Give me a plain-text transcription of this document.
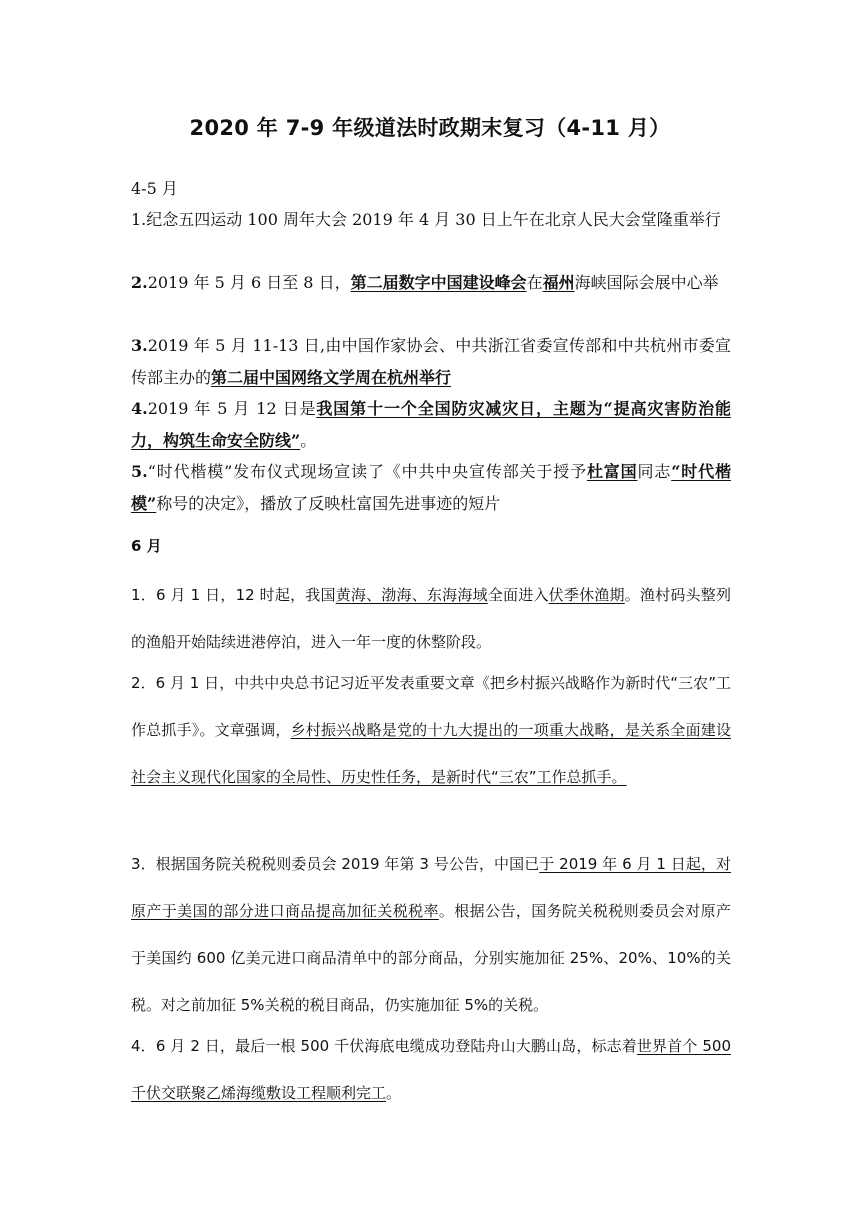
2020 年 7-9 年级道法时政期末复习（4-11 月）
4-5 月
1.纪念五四运动 100 周年大会 2019 年 4 月 30 日上午在北京人民大会堂隆重举行
2.2019 年 5 月 6 日至 8 日，第二届数字中国建设峰会在福州海峡国际会展中心举
3.2019 年 5 月 11-13 日,由中国作家协会、中共浙江省委宣传部和中共杭州市委宣传部主办的第二届中国网络文学周在杭州举行
4.2019 年 5 月 12 日是我国第十一个全国防灾减灾日，主题为“提高灾害防治能力，构筑生命安全防线”。
5.“时代楷模”发布仪式现场宣读了《中共中央宣传部关于授予杜富国同志“时代楷模”称号的决定》，播放了反映杜富国先进事迹的短片
6 月
1．6 月 1 日，12 时起，我国黄海、渤海、东海海域全面进入伏季休渔期。渔村码头整列的渔船开始陆续进港停泊，进入一年一度的休整阶段。
2．6 月 1 日，中共中央总书记习近平发表重要文章《把乡村振兴战略作为新时代“三农”工作总抓手》。文章强调，乡村振兴战略是党的十九大提出的一项重大战略，是关系全面建设社会主义现代化国家的全局性、历史性任务，是新时代“三农”工作总抓手。
3．根据国务院关税税则委员会 2019 年第 3 号公告，中国已于 2019 年 6 月 1 日起，对原产于美国的部分进口商品提高加征关税税率。根据公告，国务院关税税则委员会对原产于美国约 600 亿美元进口商品清单中的部分商品，分别实施加征 25%、20%、10%的关税。对之前加征 5%关税的税目商品，仍实施加征 5%的关税。
4．6 月 2 日，最后一根 500 千伏海底电缆成功登陆舟山大鹏山岛，标志着世界首个 500 千伏交联聚乙烯海缆敷设工程顺利完工。
